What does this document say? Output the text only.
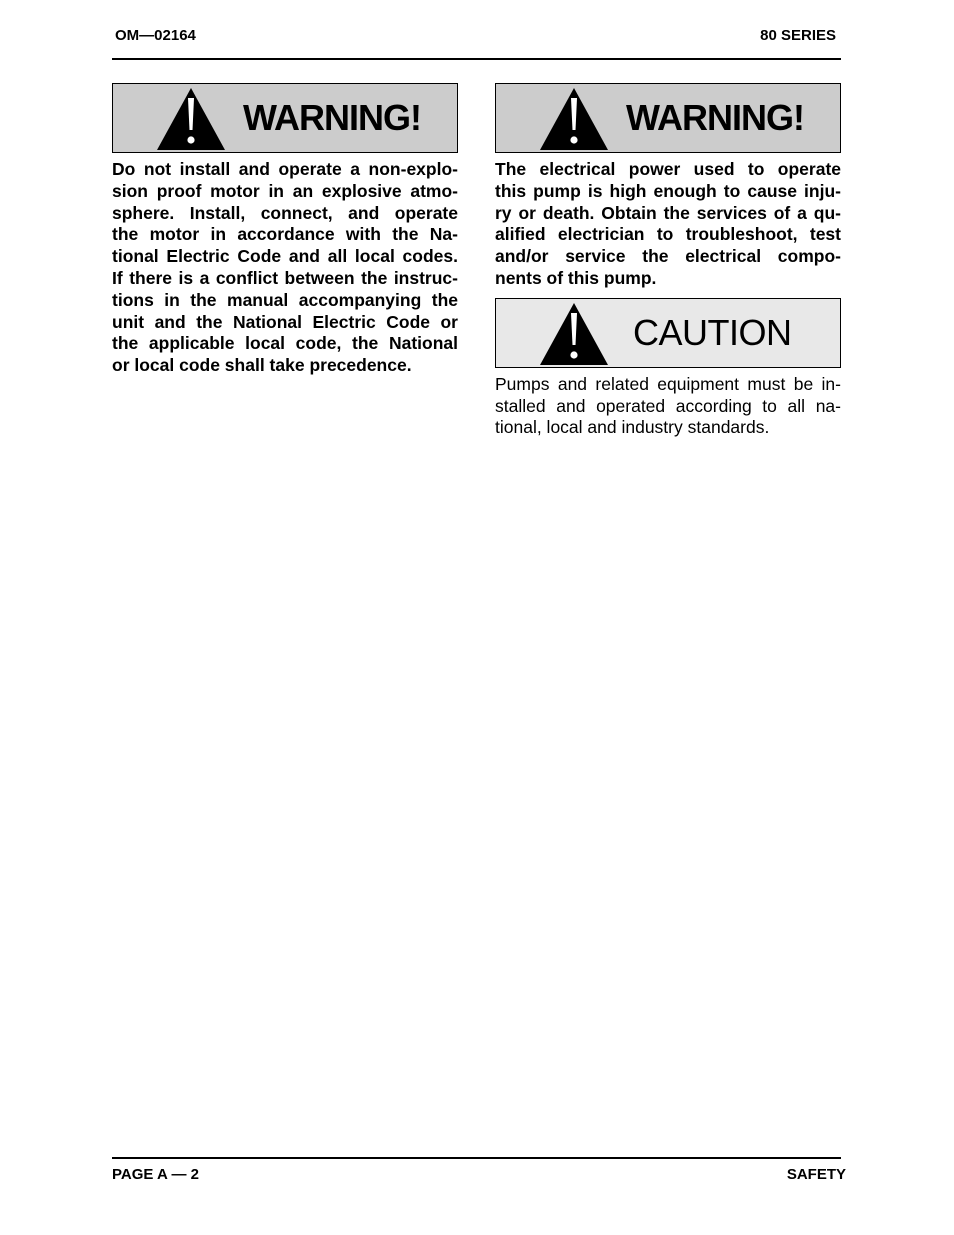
OM—02164	80 SERIES
WARNING!
Do not install and operate a non-explo-
sion proof motor in an explosive atmo-
sphere. Install, connect, and operate
the motor in accordance with the Na-
tional Electric Code and all local codes.
If there is a conflict between the instruc-
tions in the manual accompanying the
unit and the National Electric Code or
the applicable local code, the National
or local code shall take precedence.
WARNING!
The electrical power used to operate
this pump is high enough to cause inju-
ry or death. Obtain the services of a qu-
alified electrician to troubleshoot, test
and/or service the electrical compo-
nents of this pump.
CAUTION
Pumps and related equipment must be in-
stalled and operated according to all na-
tional, local and industry standards.
PAGE A — 2	SAFETY
